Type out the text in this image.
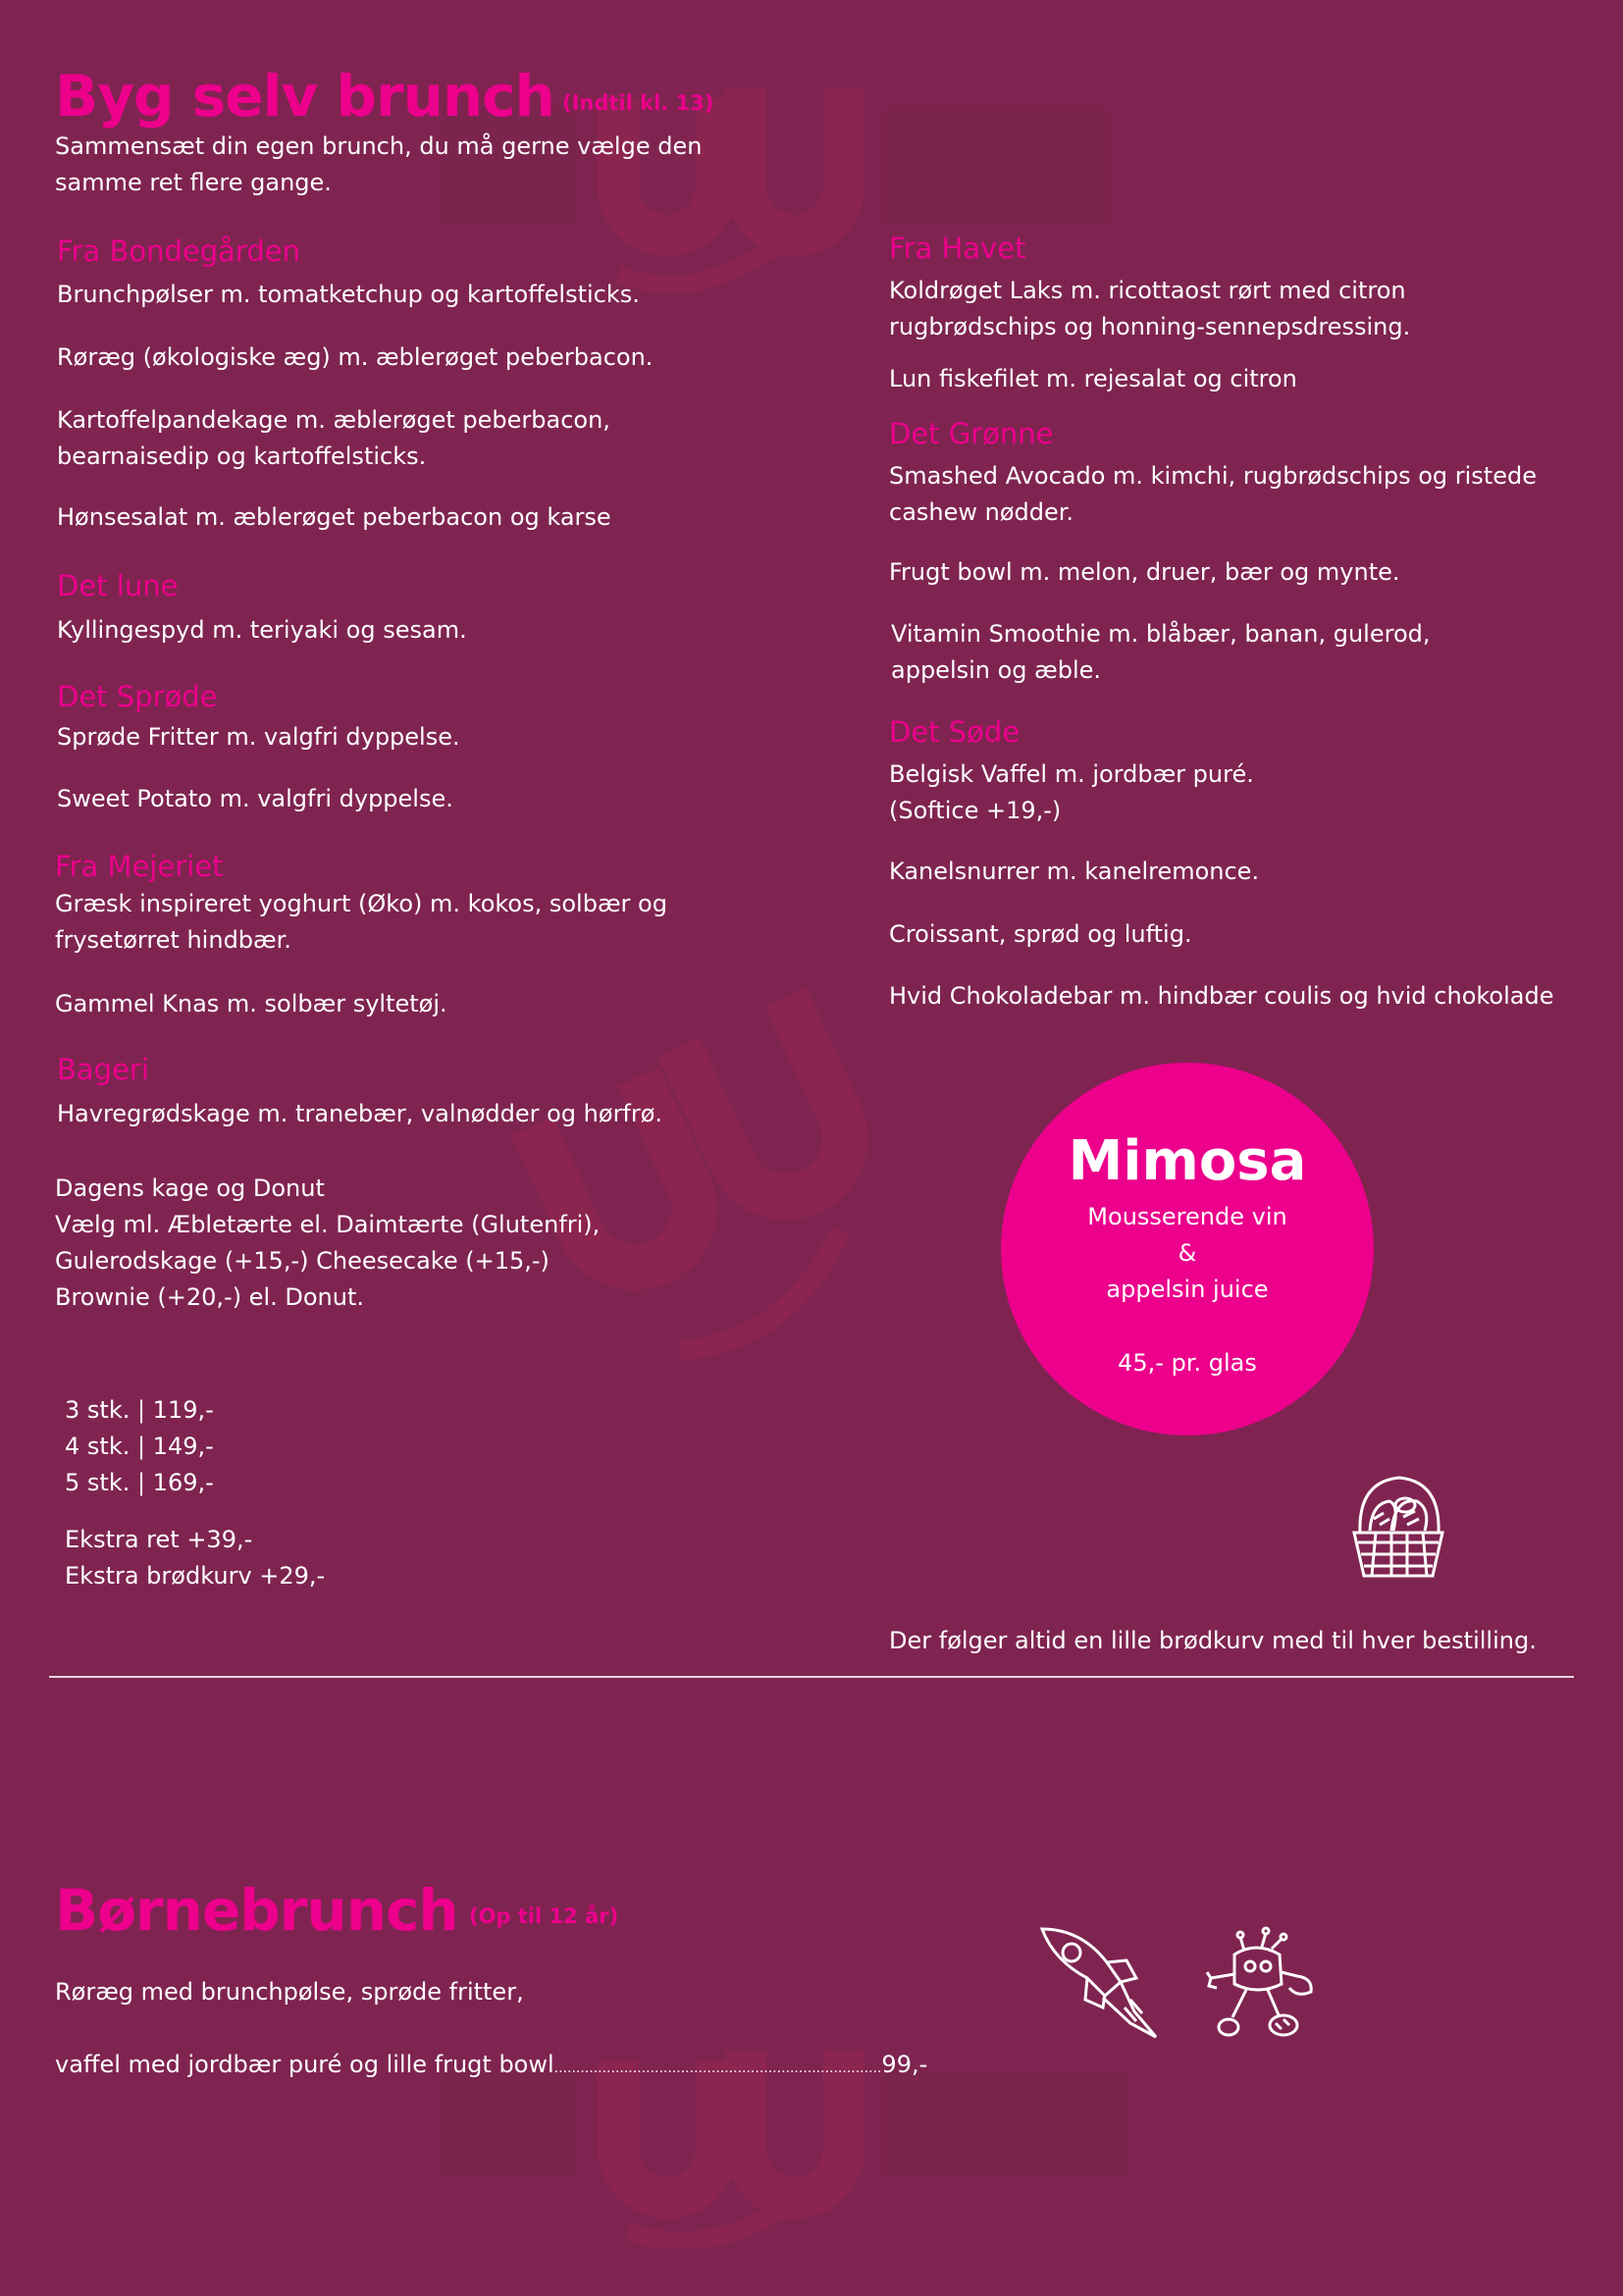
Byg selv brunch (Indtil kl. 13)
Sammensæt din egen brunch, du må gerne vælge den
samme ret flere gange.
Fra Bondegården
Brunchpølser m. tomatketchup og kartoffelsticks.
Røræg (økologiske æg) m. æblerøget peberbacon.
Kartoffelpandekage m. æblerøget peberbacon,
bearnaisedip og kartoffelsticks.
Hønsesalat m. æblerøget peberbacon og karse
Det lune
Kyllingespyd m. teriyaki og sesam.
Det Sprøde
Sprøde Fritter m. valgfri dyppelse.
Sweet Potato m. valgfri dyppelse.
Fra Mejeriet
Græsk inspireret yoghurt (Øko) m. kokos, solbær og
frysetørret hindbær.
Gammel Knas m. solbær syltetøj.
Bageri
Havregrødskage m. tranebær, valnødder og hørfrø.
Dagens kage og Donut
Vælg ml. Æbletærte el. Daimtærte (Glutenfri),
Gulerodskage (+15,-) Cheesecake (+15,-)
Brownie (+20,-) el. Donut.
3 stk. | 119,-
4 stk. | 149,-
5 stk. | 169,-
Ekstra ret +39,-
Ekstra brødkurv +29,-
Fra Havet
Koldrøget Laks m. ricottaost rørt med citron
rugbrødschips og honning-sennepsdressing.
Lun fiskefilet m. rejesalat og citron
Det Grønne
Smashed Avocado m. kimchi, rugbrødschips og ristede
cashew nødder.
Frugt bowl m. melon, druer, bær og mynte.
Vitamin Smoothie m. blåbær, banan, gulerod,
appelsin og æble.
Det Søde
Belgisk Vaffel m. jordbær puré.
(Softice +19,-)
Kanelsnurrer m. kanelremonce.
Croissant, sprød og luftig.
Hvid Chokoladebar m. hindbær coulis og hvid chokolade
Mimosa
Mousserende vin
&
appelsin juice
45,- pr. glas
Der følger altid en lille brødkurv med til hver bestilling.
Børnebrunch (Op til 12 år)
Røræg med brunchpølse, sprøde fritter,

vaffel med jordbær puré og lille frugt bowl...........................................................................99,-
